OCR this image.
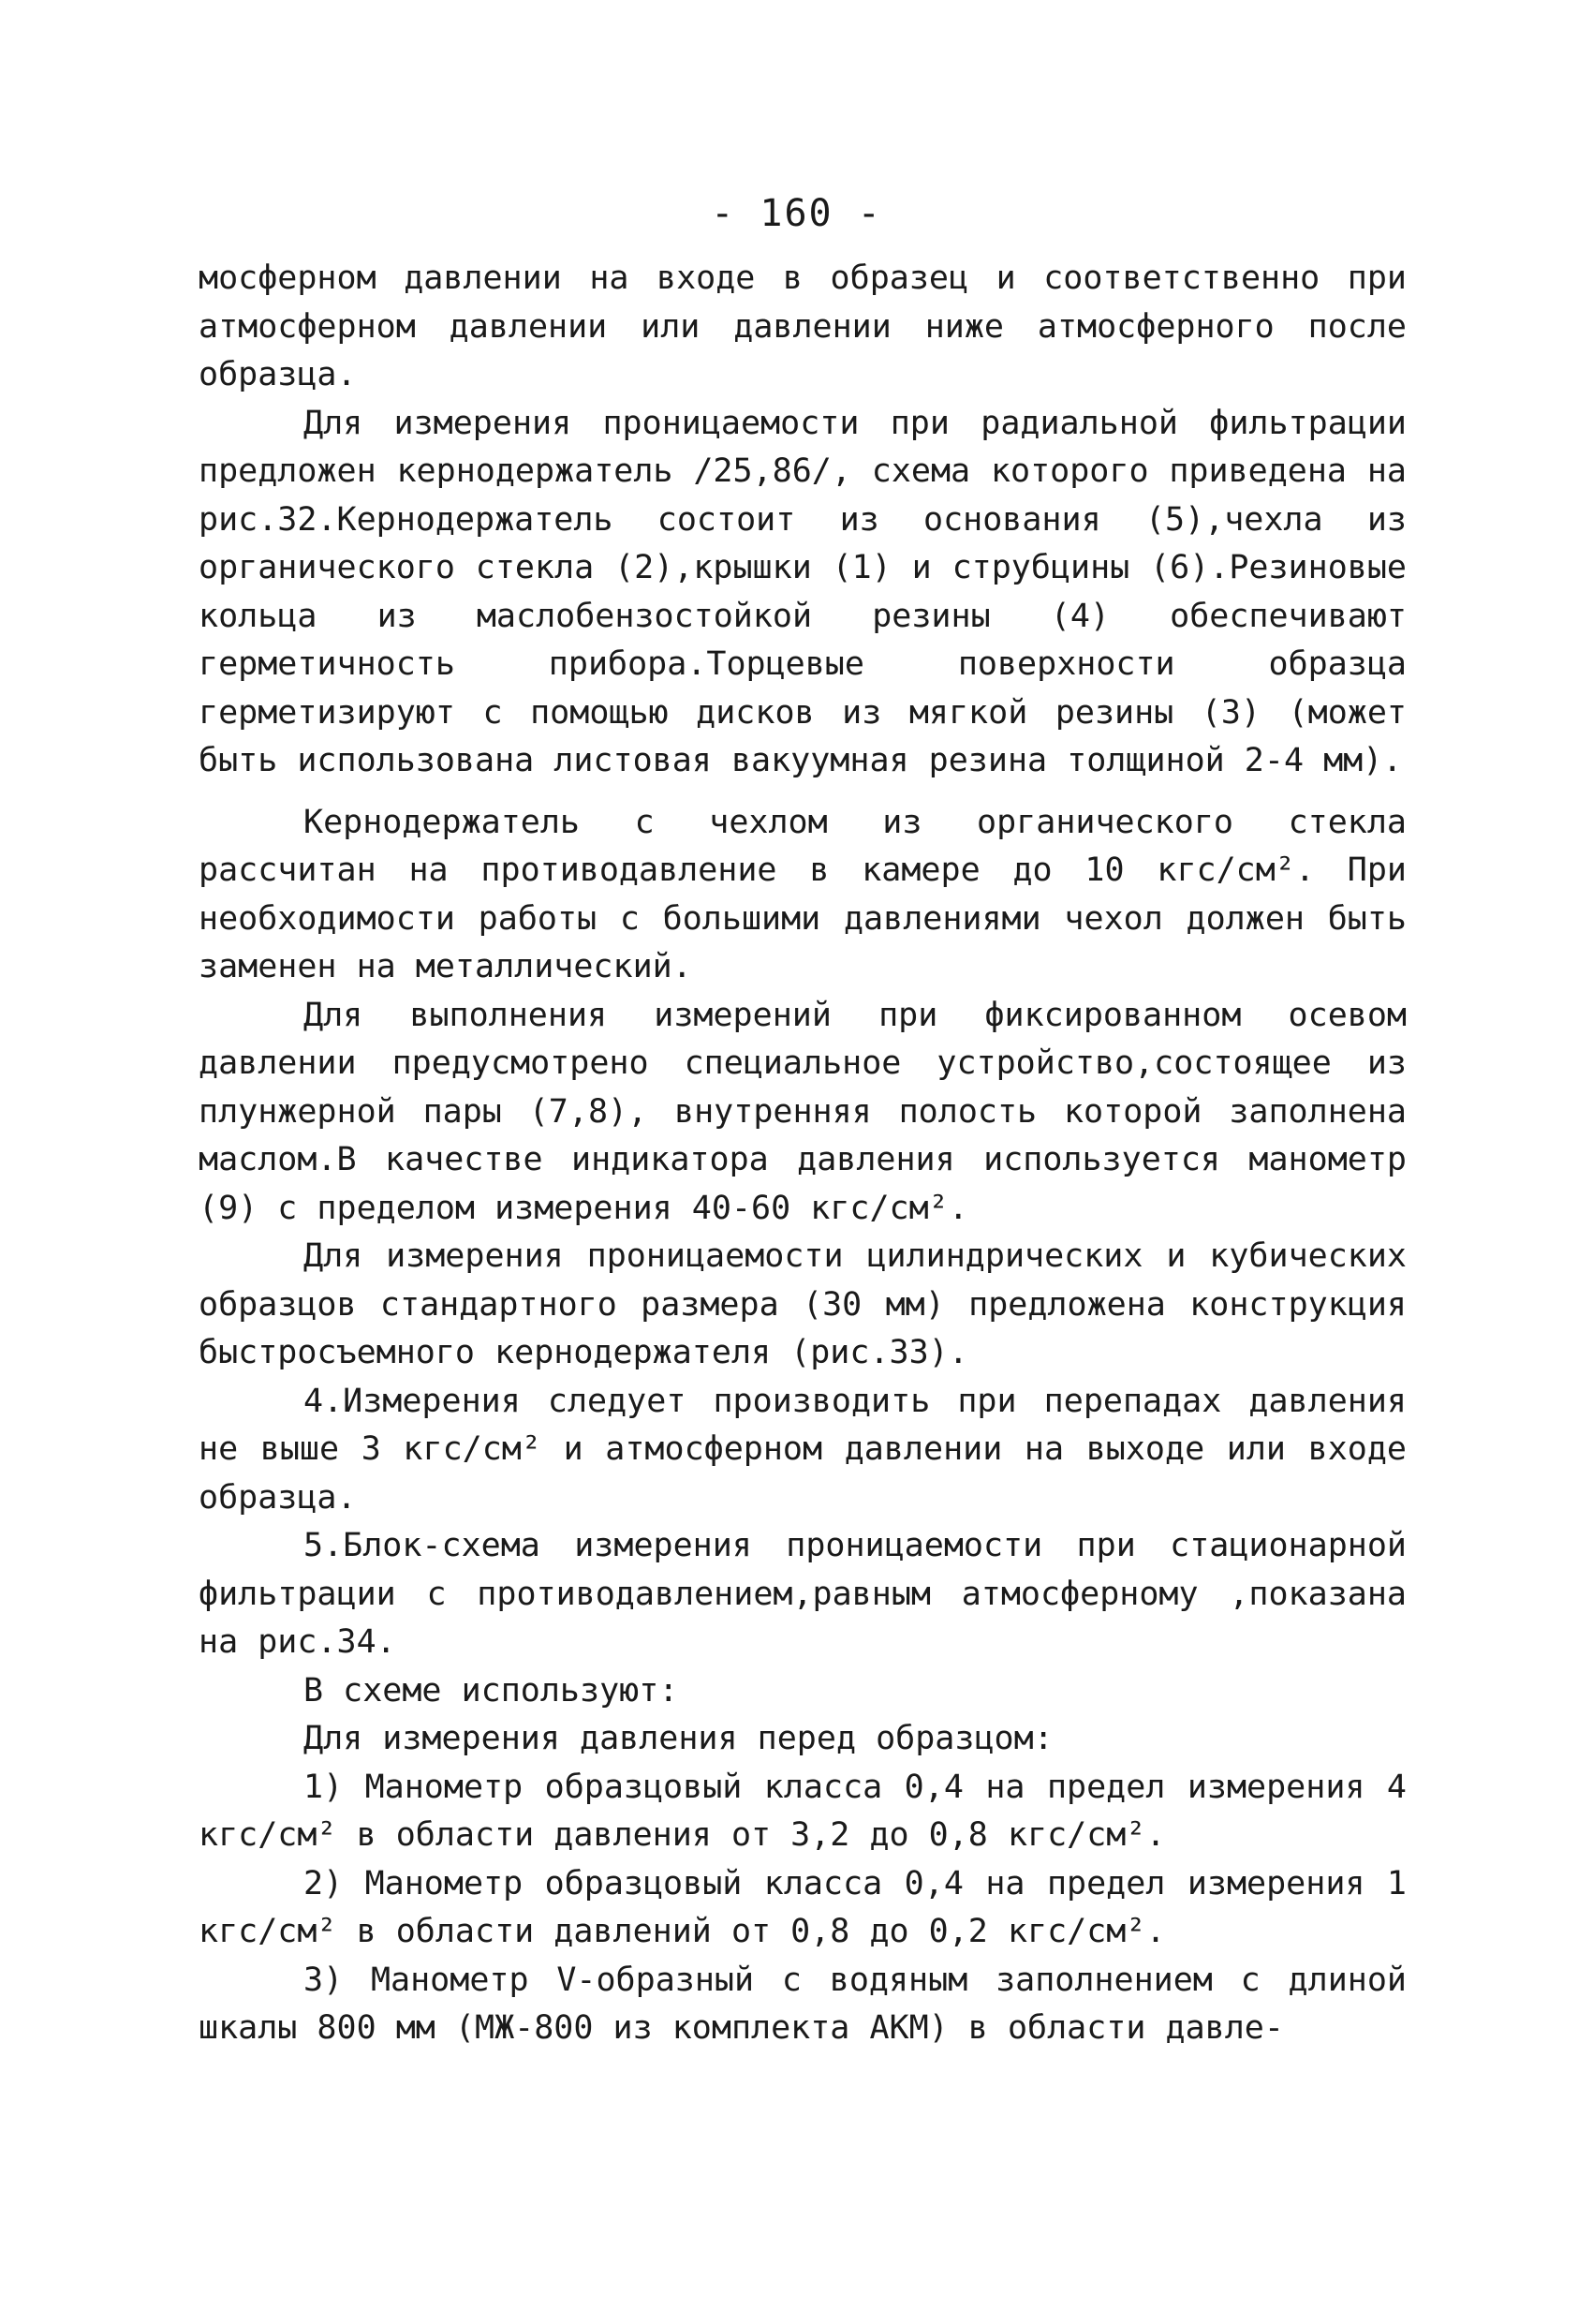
- 160 -

мосферном давлении на входе в образец и соответственно при атмосферном давлении или давлении ниже атмосферного после образца.

Для измерения проницаемости при радиальной фильтрации предложен кернодержатель /25,86/, схема которого приведена на рис.32.Кернодержатель состоит из основания (5),чехла из органического стекла (2),крышки (1) и струбцины (6).Резиновые кольца из маслобензостойкой резины (4) обеспечивают герметичность прибора.Торцевые поверхности образца герметизируют с помощью дисков из мягкой резины (3) (может быть использована листовая вакуумная резина толщиной 2-4 мм).

Кернодержатель с чехлом из органического стекла рассчитан на противодавление в камере до 10 кгс/см². При необходимости работы с большими давлениями чехол должен быть заменен на металлический.

Для выполнения измерений при фиксированном осевом давлении предусмотрено специальное устройство,состоящее из плунжерной пары (7,8), внутренняя полость которой заполнена маслом.В качестве индикатора давления используется манометр (9) с пределом измерения 40-60 кгс/см².

Для измерения проницаемости цилиндрических и кубических образцов стандартного размера (30 мм) предложена конструкция быстросъемного кернодержателя (рис.33).

4.Измерения следует производить при перепадах давления не выше 3 кгс/см² и атмосферном давлении на выходе или входе образца.

5.Блок-схема измерения проницаемости при стационарной фильтрации с противодавлением,равным атмосферному ,показана на рис.34.

В схеме используют:

Для измерения давления перед образцом:

1) Манометр образцовый класса 0,4 на предел измерения 4 кгс/см² в области давления от 3,2 до 0,8 кгс/см².

2) Манометр образцовый класса 0,4 на предел измерения 1 кгс/см² в области давлений от 0,8 до 0,2 кгс/см².

3) Манометр V-образный с водяным заполнением с длиной шкалы 800 мм (МЖ-800 из комплекта АКМ) в области давле-
